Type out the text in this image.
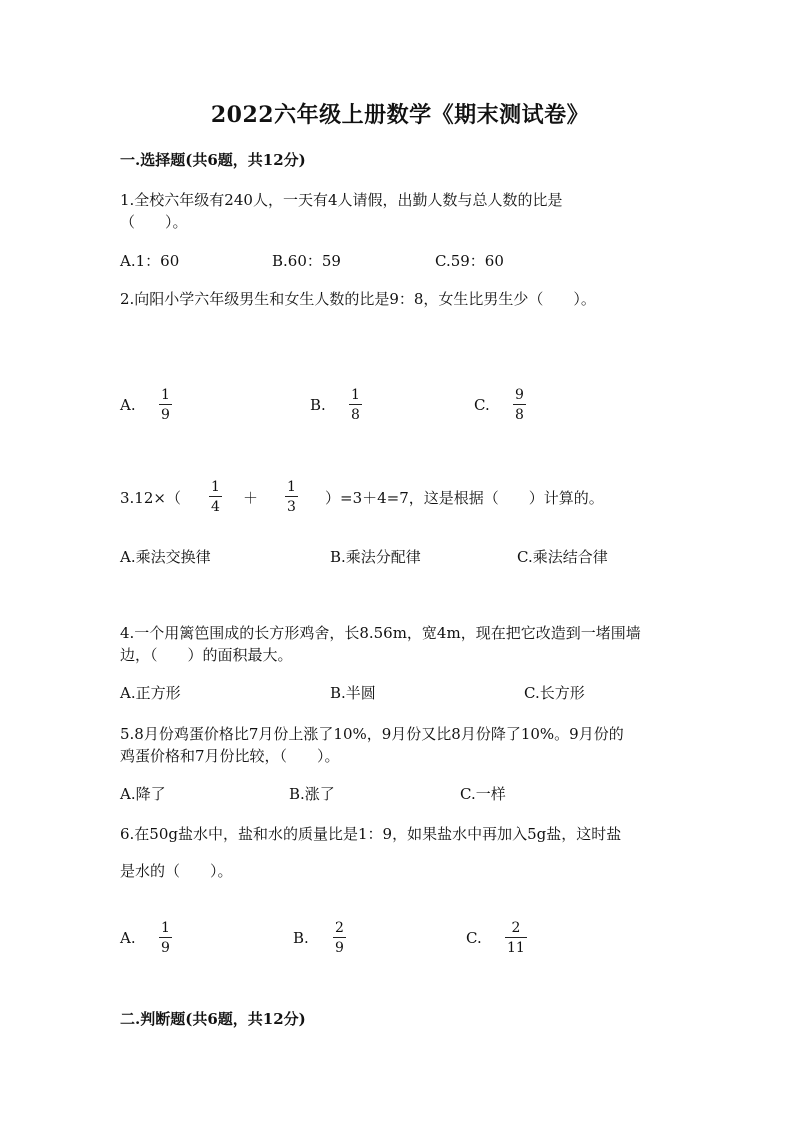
2022六年级上册数学《期末测试卷》
一.选择题(共6题，共12分)
1.全校六年级有240人，一天有4人请假，出勤人数与总人数的比是
（　　）。
A.1：60	B.60：59	C.59：60
2.向阳小学六年级男生和女生人数的比是9：8，女生比男生少（　　）。
A.
1
9
B.
1
8
C.
9
8
3.12×（
1
4 ＋
1
3 ）=3＋4=7，这是根据（　　）计算的。
A.乘法交换律	B.乘法分配律	C.乘法结合律
4.一个用篱笆围成的长方形鸡舍，长8.56m，宽4m，现在把它改造到一堵围墙
边，（　　）的面积最大。
A.正方形	B.半圆	C.长方形
5.8月份鸡蛋价格比7月份上涨了10%，9月份又比8月份降了10%。9月份的
鸡蛋价格和7月份比较，（　　）。
A.降了	B.涨了	C.一样
6.在50g盐水中，盐和水的质量比是1：9，如果盐水中再加入5g盐，这时盐
是水的（　　）。
A.
1
9
B.
2
9
C.
2
11
二.判断题(共6题，共12分)
